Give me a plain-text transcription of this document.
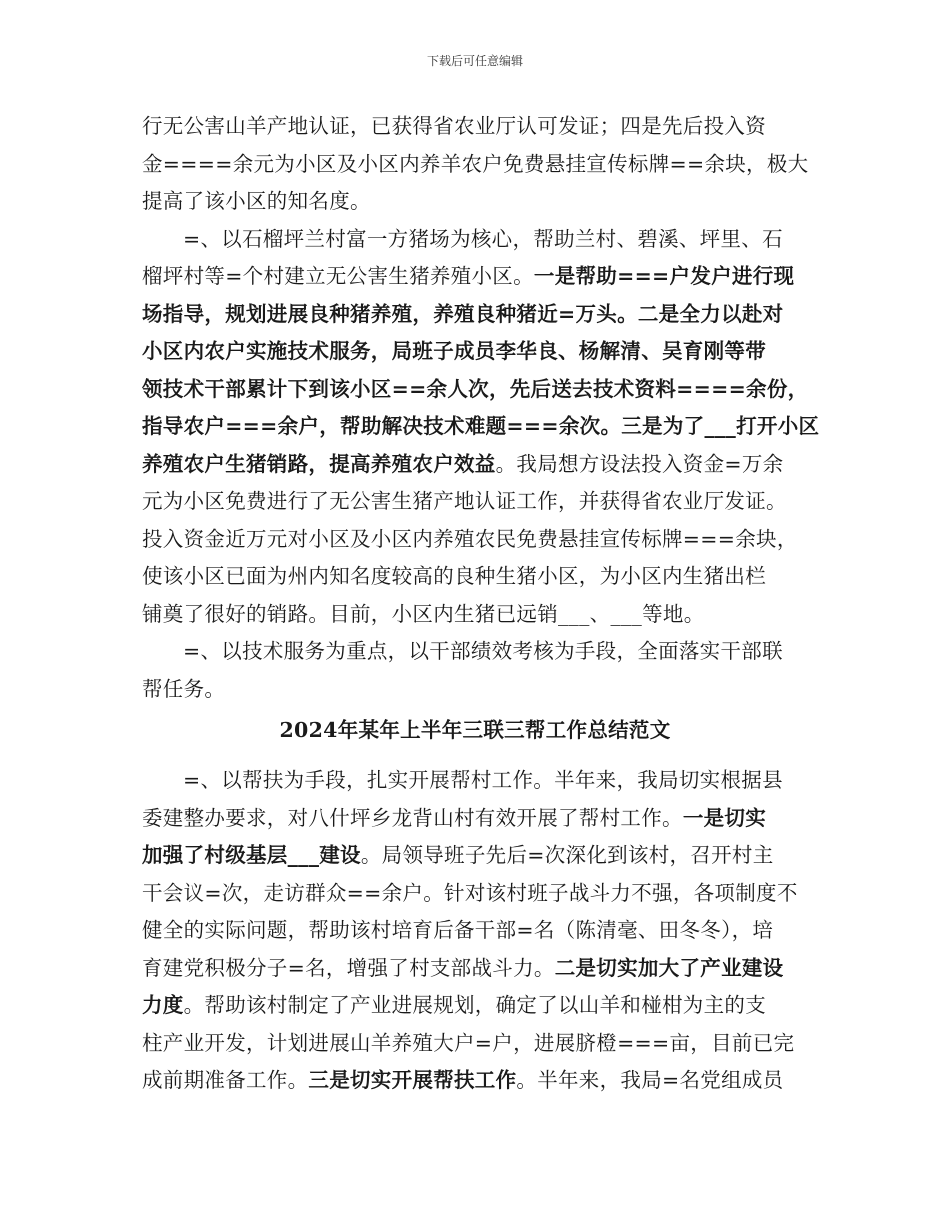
下载后可任意编辑
行无公害山羊产地认证，已获得省农业厅认可发证；四是先后投入资
金====余元为小区及小区内养羊农户免费悬挂宣传标牌==余块，极大
提高了该小区的知名度。
=、以石榴坪兰村富一方猪场为核心，帮助兰村、碧溪、坪里、石
榴坪村等=个村建立无公害生猪养殖小区。一是帮助===户发户进行现
场指导，规划进展良种猪养殖，养殖良种猪近=万头。二是全力以赴对
小区内农户实施技术服务，局班子成员李华良、杨解清、吴育刚等带
领技术干部累计下到该小区==余人次，先后送去技术资料====余份，
指导农户===余户，帮助解决技术难题===余次。三是为了___打开小区
养殖农户生猪销路，提高养殖农户效益。我局想方设法投入资金=万余
元为小区免费进行了无公害生猪产地认证工作，并获得省农业厅发证。
投入资金近万元对小区及小区内养殖农民免费悬挂宣传标牌===余块，
使该小区已面为州内知名度较高的良种生猪小区，为小区内生猪出栏
铺奠了很好的销路。目前，小区内生猪已远销___、___等地。
=、以技术服务为重点，以干部绩效考核为手段，全面落实干部联
帮任务。
2024年某年上半年三联三帮工作总结范文
=、以帮扶为手段，扎实开展帮村工作。半年来，我局切实根据县
委建整办要求，对八什坪乡龙背山村有效开展了帮村工作。一是切实
加强了村级基层___建设。局领导班子先后=次深化到该村，召开村主
干会议=次，走访群众==余户。针对该村班子战斗力不强，各项制度不
健全的实际问题，帮助该村培育后备干部=名（陈清毫、田冬冬），培
育建党积极分子=名，增强了村支部战斗力。二是切实加大了产业建设
力度。帮助该村制定了产业进展规划，确定了以山羊和椪柑为主的支
柱产业开发，计划进展山羊养殖大户=户，进展脐橙===亩，目前已完
成前期准备工作。三是切实开展帮扶工作。半年来，我局=名党组成员
